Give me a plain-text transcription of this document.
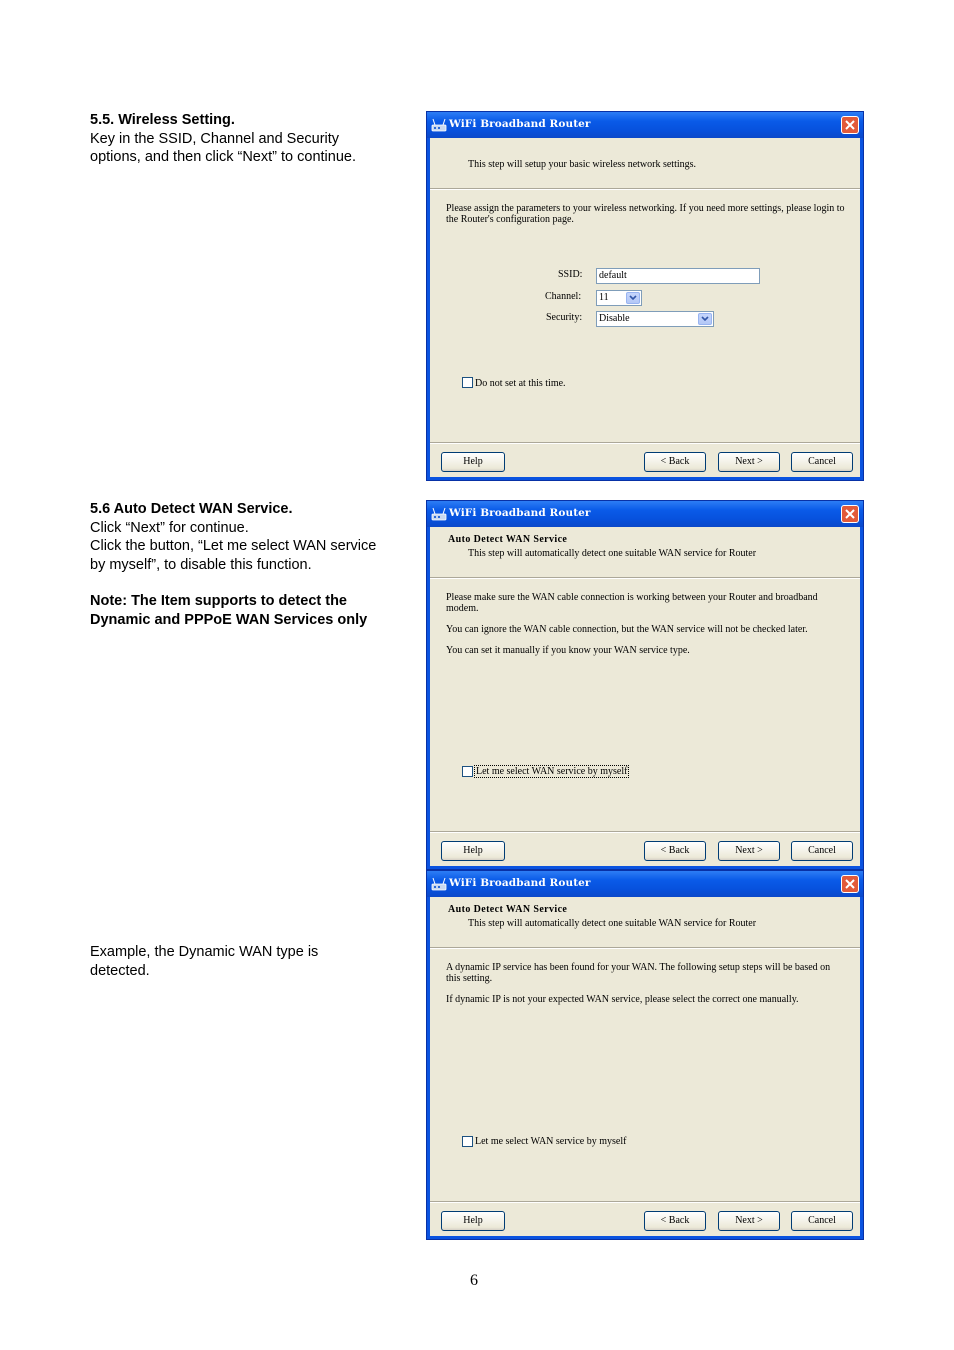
5.5. Wireless Setting.

Key in the SSID, Channel and Security

options, and then click “Next” to continue.

5.6 Auto Detect WAN Service.

Click “Next” for continue.

Click the button, “Let me select WAN service

by myself”, to disable this function.

Note: The Item supports to detect the

Dynamic and PPPoE WAN Services only

Example, the Dynamic WAN type is

detected.

WiFi Broadband Router
This step will setup your basic wireless network settings.
Please assign the parameters to your wireless networking. If you need more settings, please login to
the Router's configuration page.
SSID:	default
Channel:	11
Security:	Disable
Do not set at this time.
Help	< Back	Next >	Cancel
WiFi Broadband Router
Auto Detect WAN Service
This step will automatically detect one suitable WAN service for Router
Please make sure the WAN cable connection is working between your Router and broadband
modem.
You can ignore the WAN cable connection, but the WAN service will not be checked later.
You can set it manually if you know your WAN service type.
Let me select WAN service by myself
Help	< Back	Next >	Cancel
WiFi Broadband Router
Auto Detect WAN Service
This step will automatically detect one suitable WAN service for Router
A dynamic IP service has been found for your WAN. The following setup steps will be based on
this setting.
If dynamic IP is not your expected WAN service, please select the correct one manually.
Let me select WAN service by myself
Help	< Back	Next >	Cancel
6
